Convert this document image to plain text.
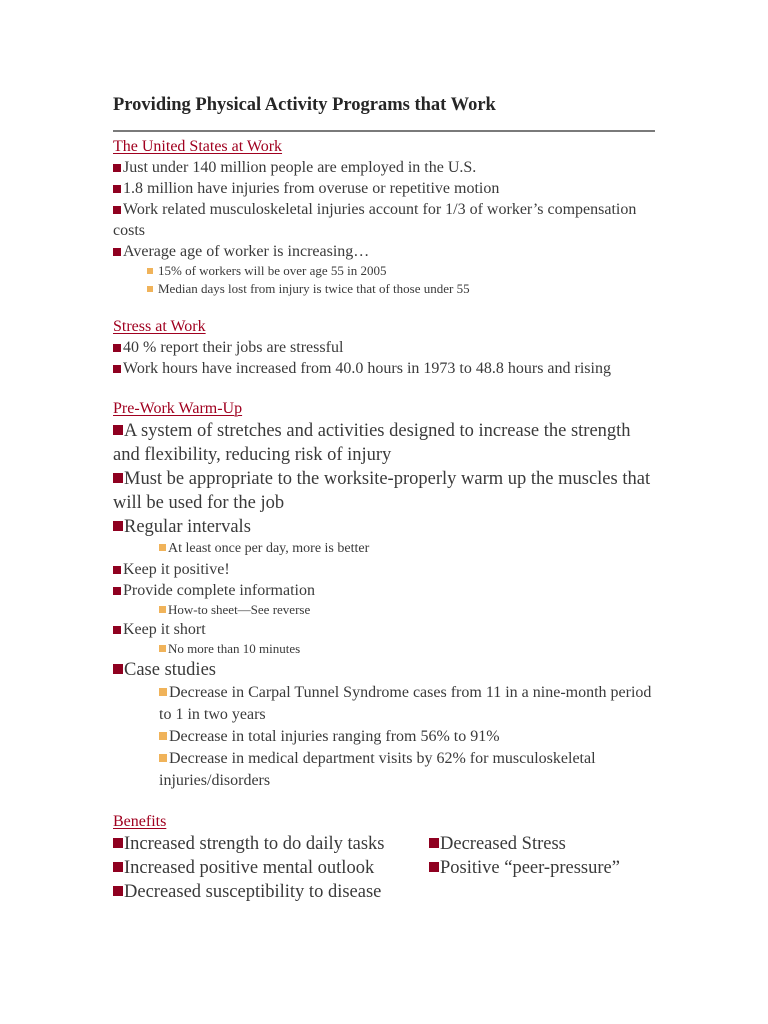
Providing Physical Activity Programs that Work
The United States at Work
Just under 140 million people are employed in the U.S.
1.8 million have injuries from overuse or repetitive motion
Work related musculoskeletal injuries account for 1/3 of worker’s compensation costs
Average age of worker is increasing…
15% of workers will be over age 55 in 2005
Median days lost from injury is twice that of those under 55
Stress at Work
40 % report their jobs are stressful
Work hours have increased from 40.0 hours in 1973 to 48.8 hours and rising
Pre-Work Warm-Up
A system of stretches and activities designed to increase the strength and flexibility, reducing risk of injury
Must be appropriate to the worksite-properly warm up the muscles that will be used for the job
Regular intervals
At least once per day, more is better
Keep it positive!
Provide complete information
How-to sheet—See reverse
Keep it short
No more than 10 minutes
Case studies
Decrease in Carpal Tunnel Syndrome cases from 11 in a nine-month period to 1 in two years
Decrease in total injuries ranging from 56% to 91%
Decrease in medical department visits by 62% for musculoskeletal injuries/disorders
Benefits
Increased strength to do daily tasks
Increased positive mental outlook
Decreased susceptibility to disease
Decreased Stress
Positive “peer-pressure”
